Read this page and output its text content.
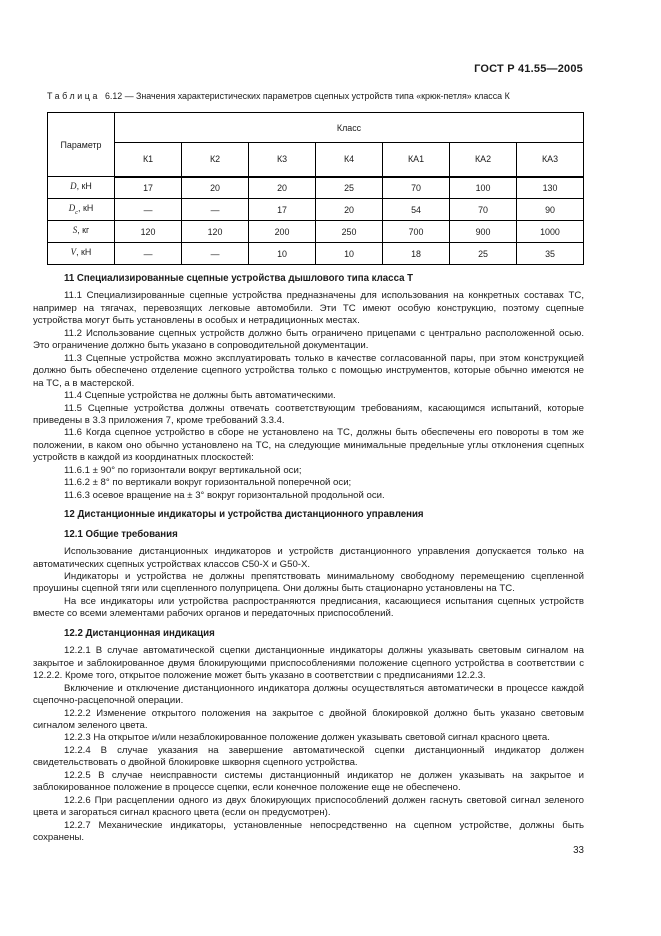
ГОСТ Р 41.55—2005
Таблица 6.12 — Значения характеристических параметров сцепных устройств типа «крюк-петля» класса К
Параметр	Класс						
	К1	К2	К3	К4	КА1	КА2	КА3
D, кН	17	20	20	25	70	100	130
$D_c$, кН	—	—	17	20	54	70	90
S, кг	120	120	200	250	700	900	1000
V, кН	—	—	10	10	18	25	35

11 Специализированные сцепные устройства дышлового типа класса Т

11.1 Специализированные сцепные устройства предназначены для использования на конкретных составах ТС, например на тягачах, перевозящих легковые автомобили. Эти ТС имеют особую конструкцию, поэтому сцепные устройства могут быть установлены в особых и нетрадиционных местах.

11.2 Использование сцепных устройств должно быть ограничено прицепами с центрально расположенной осью. Это ограничение должно быть указано в сопроводительной документации.

11.3 Сцепные устройства можно эксплуатировать только в качестве согласованной пары, при этом конструкцией должно быть обеспечено отделение сцепного устройства только с помощью инструментов, которые обычно имеются не на ТС, а в мастерской.

11.4 Сцепные устройства не должны быть автоматическими.

11.5 Сцепные устройства должны отвечать соответствующим требованиям, касающимся испытаний, которые приведены в 3.3 приложения 7, кроме требований 3.3.4.

11.6 Когда сцепное устройство в сборе не установлено на ТС, должны быть обеспечены его повороты в том же положении, в каком оно обычно установлено на ТС, на следующие минимальные предельные углы отклонения сцепных устройств в каждой из координатных плоскостей:

11.6.1 ± 90° по горизонтали вокруг вертикальной оси;

11.6.2 ± 8° по вертикали вокруг горизонтальной поперечной оси;

11.6.3 осевое вращение на ± 3° вокруг горизонтальной продольной оси.

12 Дистанционные индикаторы и устройства дистанционного управления

12.1 Общие требования

Использование дистанционных индикаторов и устройств дистанционного управления допускается только на автоматических сцепных устройствах классов C50-X и G50-X.

Индикаторы и устройства не должны препятствовать минимальному свободному перемещению сцепленной проушины сцепной тяги или сцепленного полуприцепа. Они должны быть стационарно установлены на ТС.

На все индикаторы или устройства распространяются предписания, касающиеся испытания сцепных устройств вместе со всеми элементами рабочих органов и передаточных приспособлений.

12.2 Дистанционная индикация

12.2.1 В случае автоматической сцепки дистанционные индикаторы должны указывать световым сигналом на закрытое и заблокированное двумя блокирующими приспособлениями положение сцепного устройства в соответствии с 12.2.2. Кроме того, открытое положение может быть указано в соответствии с предписаниями 12.2.3.

Включение и отключение дистанционного индикатора должны осуществляться автоматически в процессе каждой сцепочно-расцепочной операции.

12.2.2 Изменение открытого положения на закрытое с двойной блокировкой должно быть указано световым сигналом зеленого цвета.

12.2.3 На открытое и/или незаблокированное положение должен указывать световой сигнал красного цвета.

12.2.4 В случае указания на завершение автоматической сцепки дистанционный индикатор должен свидетельствовать о двойной блокировке шкворня сцепного устройства.

12.2.5 В случае неисправности системы дистанционный индикатор не должен указывать на закрытое и заблокированное положение в процессе сцепки, если конечное положение еще не обеспечено.

12.2.6 При расцеплении одного из двух блокирующих приспособлений должен гаснуть световой сигнал зеленого цвета и загораться сигнал красного цвета (если он предусмотрен).

12.2.7 Механические индикаторы, установленные непосредственно на сцепном устройстве, должны быть сохранены.

33
